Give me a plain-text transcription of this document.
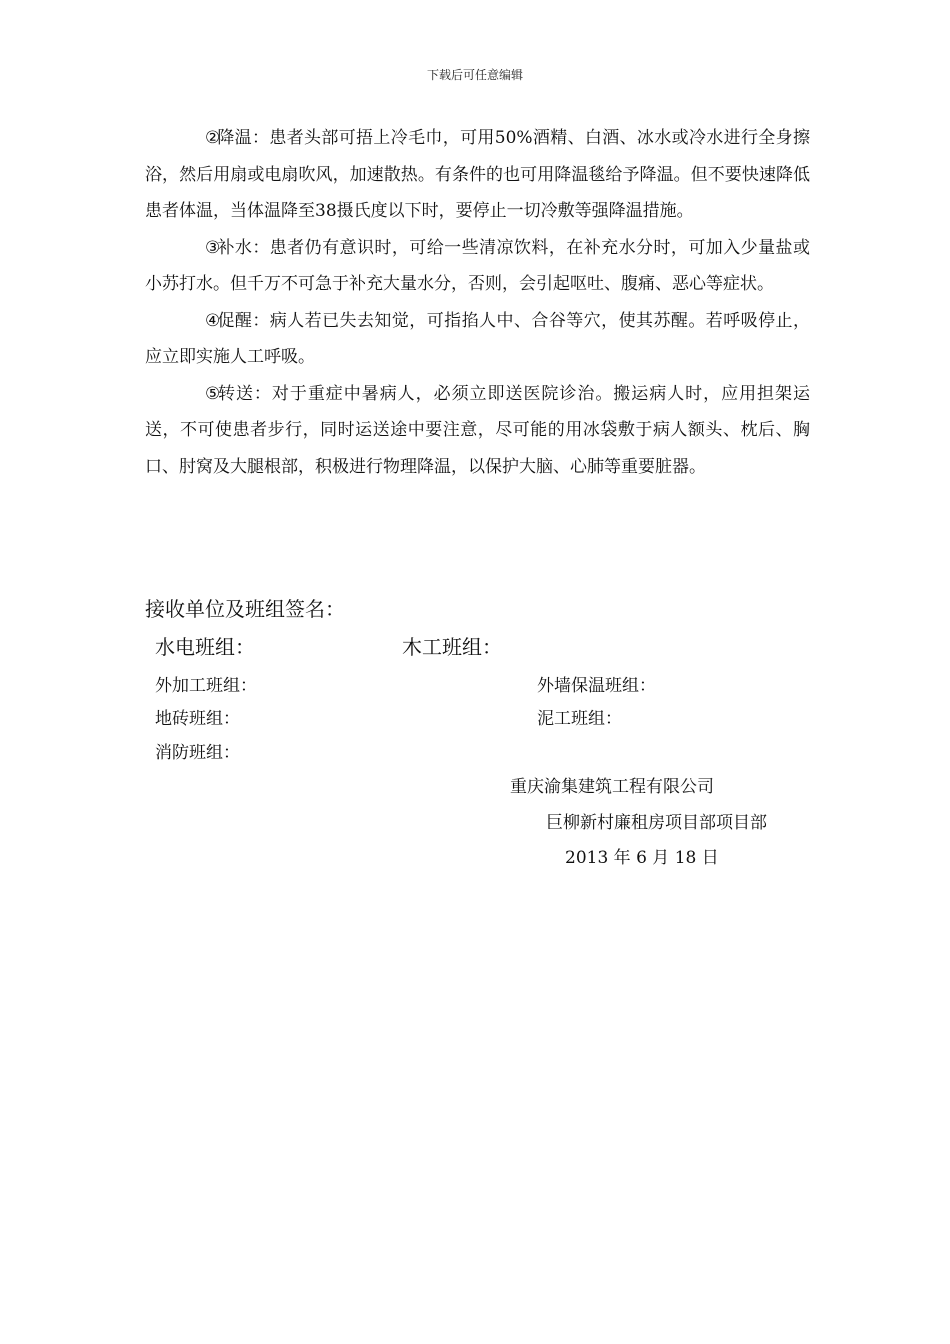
下载后可任意编辑

②降温：患者头部可捂上冷毛巾，可用50%酒精、白酒、冰水或冷水进行全身擦浴，然后用扇或电扇吹风，加速散热。有条件的也可用降温毯给予降温。但不要快速降低患者体温，当体温降至38摄氏度以下时，要停止一切冷敷等强降温措施。

③补水：患者仍有意识时，可给一些清凉饮料，在补充水分时，可加入少量盐或小苏打水。但千万不可急于补充大量水分，否则，会引起呕吐、腹痛、恶心等症状。

④促醒：病人若已失去知觉，可指掐人中、合谷等穴，使其苏醒。若呼吸停止，应立即实施人工呼吸。

⑤转送：对于重症中暑病人，必须立即送医院诊治。搬运病人时，应用担架运送，不可使患者步行，同时运送途中要注意，尽可能的用冰袋敷于病人额头、枕后、胸口、肘窝及大腿根部，积极进行物理降温，以保护大脑、心肺等重要脏器。

接收单位及班组签名：
水电班组：	木工班组：
外加工班组：	外墙保温班组：
地砖班组：	泥工班组：
消防班组：
重庆渝集建筑工程有限公司
巨柳新村廉租房项目部项目部
2013 年 6 月 18 日
